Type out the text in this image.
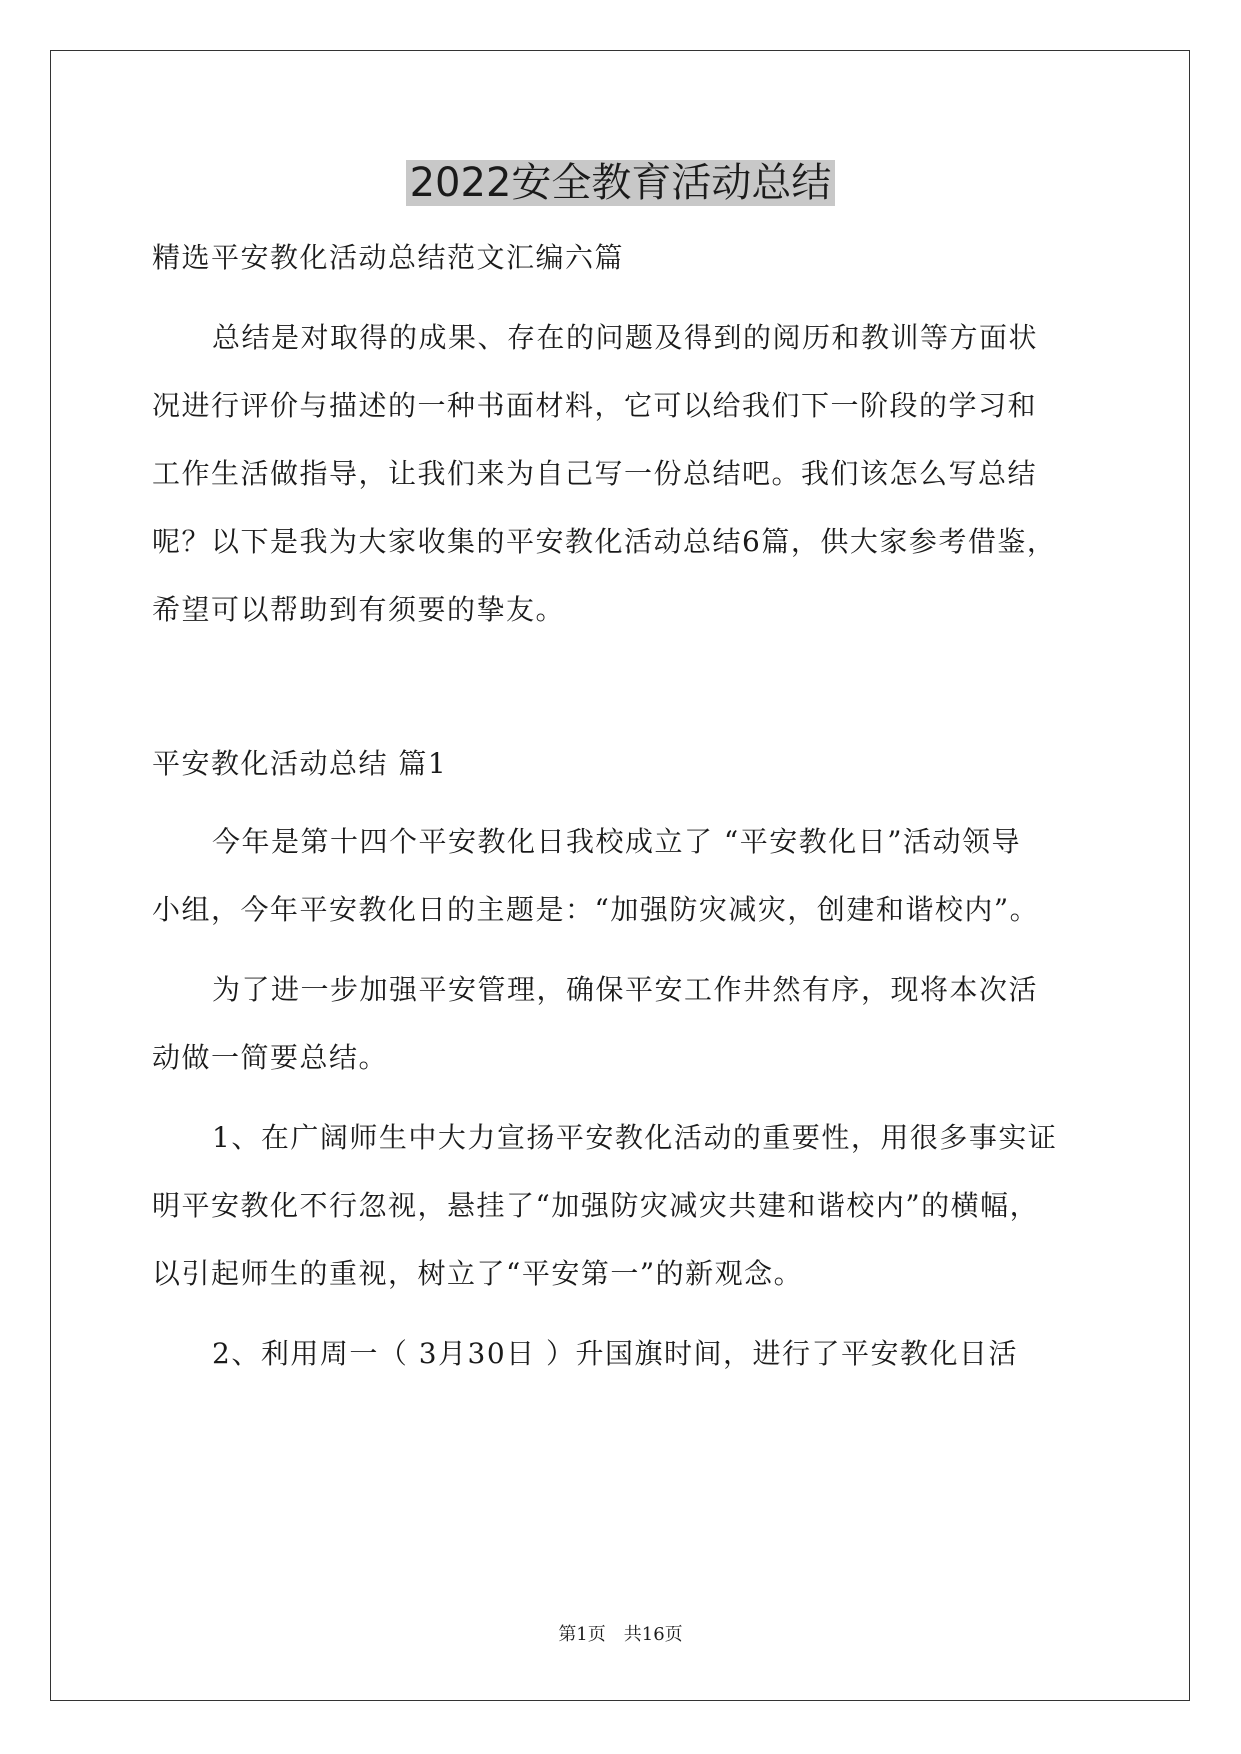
2022安全教育活动总结
精选平安教化活动总结范文汇编六篇
总结是对取得的成果、存在的问题及得到的阅历和教训等方面状
况进行评价与描述的一种书面材料，它可以给我们下一阶段的学习和
工作生活做指导，让我们来为自己写一份总结吧。我们该怎么写总结
呢？以下是我为大家收集的平安教化活动总结6篇，供大家参考借鉴，
希望可以帮助到有须要的挚友。
平安教化活动总结 篇1
今年是第十四个平安教化日我校成立了 “平安教化日”活动领导
小组，今年平安教化日的主题是：“加强防灾减灾，创建和谐校内”。
为了进一步加强平安管理，确保平安工作井然有序，现将本次活
动做一简要总结。
1、在广阔师生中大力宣扬平安教化活动的重要性，用很多事实证
明平安教化不行忽视，悬挂了“加强防灾减灾共建和谐校内”的横幅，
以引起师生的重视，树立了“平安第一”的新观念。
2、利用周一（ 3月30日 ）升国旗时间，进行了平安教化日活
第1页　共16页
